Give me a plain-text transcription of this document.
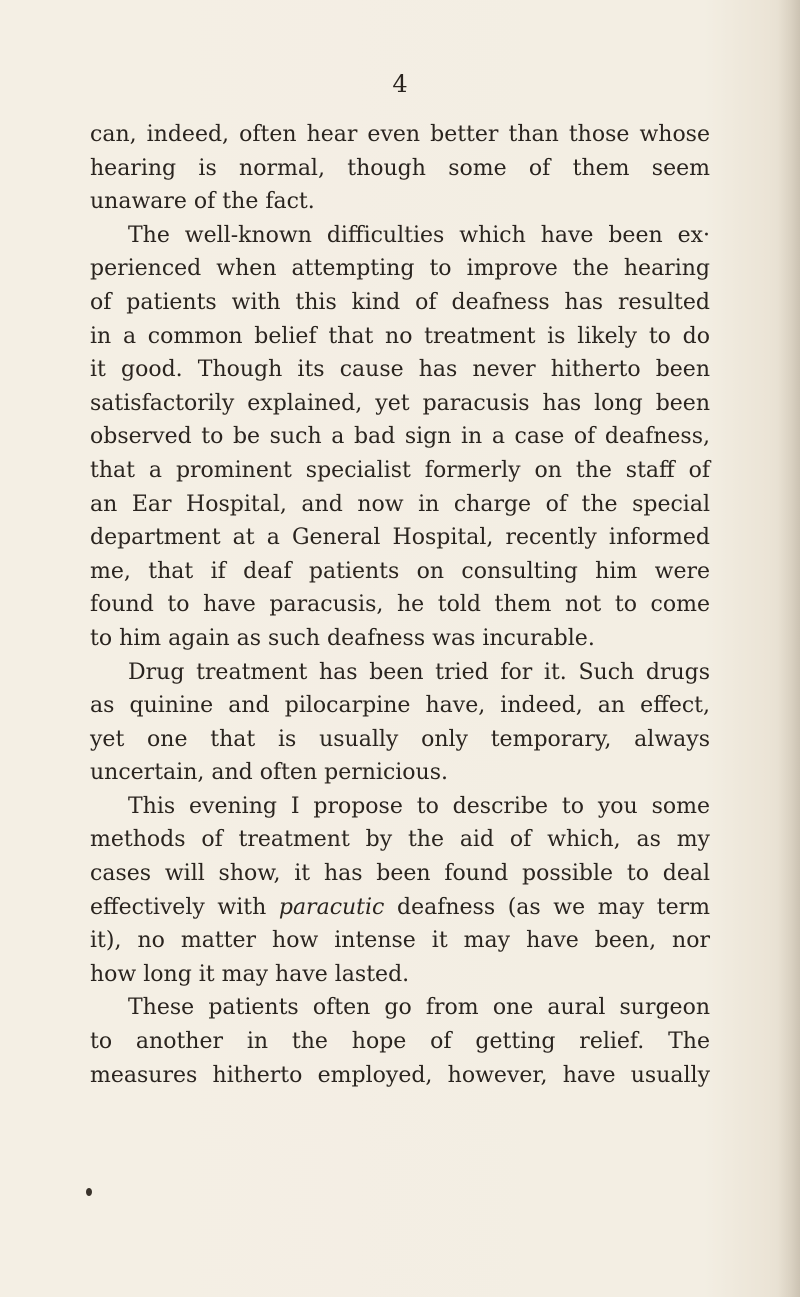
4
can, indeed, often hear even better than those whose
hearing is normal, though some of them seem
unaware of the fact.
The well-known difficulties which have been ex·
perienced when attempting to improve the hearing
of patients with this kind of deafness has resulted
in a common belief that no treatment is likely to do
it good. Though its cause has never hitherto been
satisfactorily explained, yet paracusis has long been
observed to be such a bad sign in a case of deafness,
that a prominent specialist formerly on the staff of
an Ear Hospital, and now in charge of the special
department at a General Hospital, recently informed
me, that if deaf patients on consulting him were
found to have paracusis, he told them not to come
to him again as such deafness was incurable.
Drug treatment has been tried for it. Such drugs
as quinine and pilocarpine have, indeed, an effect,
yet one that is usually only temporary, always
uncertain, and often pernicious.
This evening I propose to describe to you some
methods of treatment by the aid of which, as my
cases will show, it has been found possible to deal
effectively with paracutic deafness (as we may term
it), no matter how intense it may have been, nor
how long it may have lasted.
These patients often go from one aural surgeon
to another in the hope of getting relief. The
measures hitherto employed, however, have usually
